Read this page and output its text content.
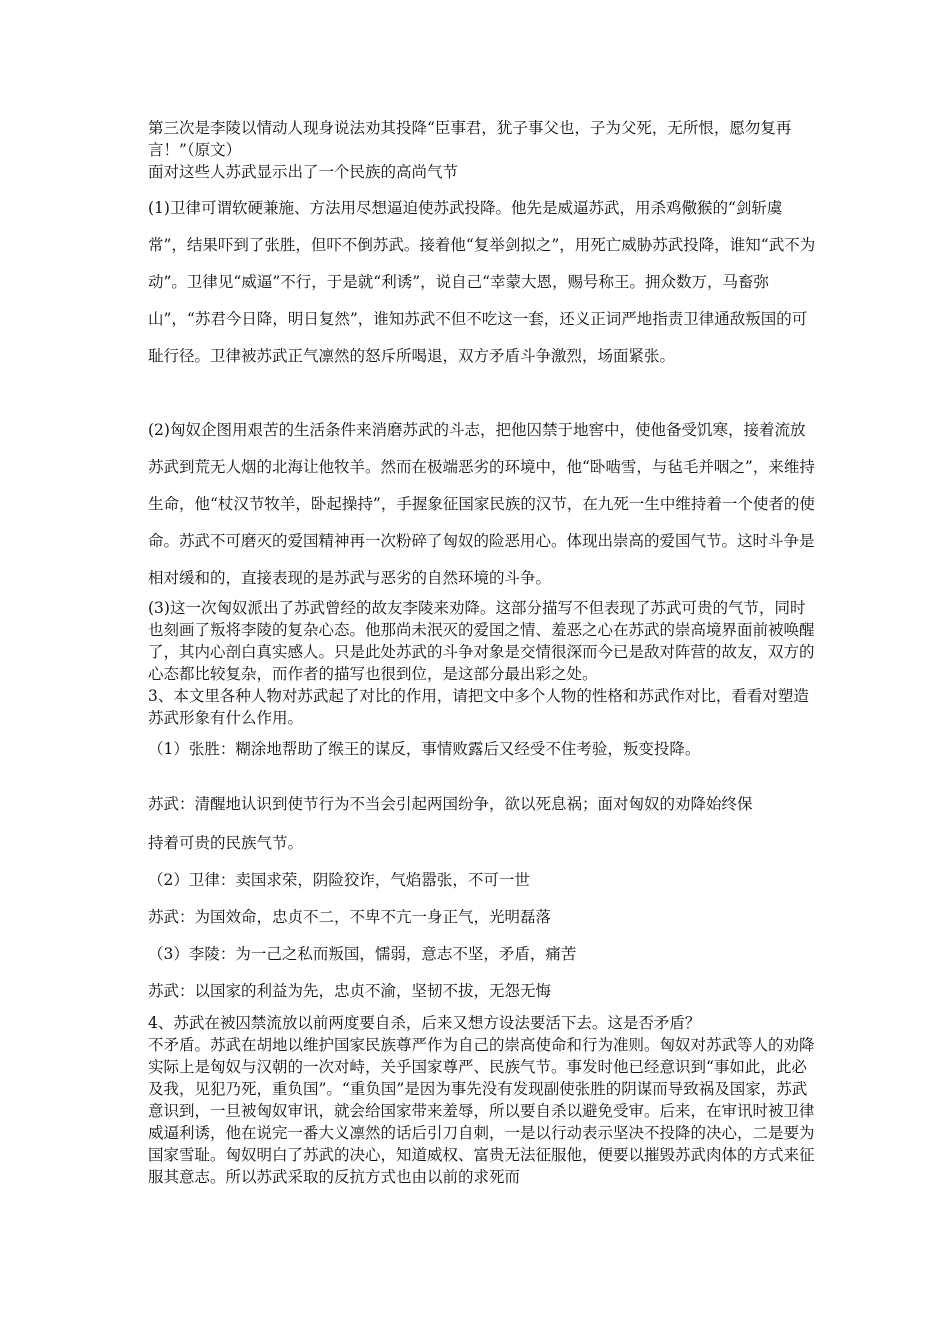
第三次是李陵以情动人现身说法劝其投降“臣事君，犹子事父也，子为父死，无所恨，愿勿复再言！”（原文）

面对这些人苏武显示出了一个民族的高尚气节

(1)卫律可谓软硬兼施、方法用尽想逼迫使苏武投降。他先是威逼苏武，用杀鸡儆猴的“剑斩虞常”，结果吓到了张胜，但吓不倒苏武。接着他“复举剑拟之”，用死亡威胁苏武投降，谁知“武不为动”。卫律见“威逼”不行，于是就“利诱”，说自己“幸蒙大恩，赐号称王。拥众数万，马畜弥山”，“苏君今日降，明日复然”，谁知苏武不但不吃这一套，还义正词严地指责卫律通敌叛国的可耻行径。卫律被苏武正气凛然的怒斥所喝退，双方矛盾斗争激烈，场面紧张。

(2)匈奴企图用艰苦的生活条件来消磨苏武的斗志，把他囚禁于地窖中，使他备受饥寒，接着流放苏武到荒无人烟的北海让他牧羊。然而在极端恶劣的环境中，他“卧啮雪，与毡毛并咽之”，来维持生命，他“杖汉节牧羊，卧起操持”，手握象征国家民族的汉节，在九死一生中维持着一个使者的使命。苏武不可磨灭的爱国精神再一次粉碎了匈奴的险恶用心。体现出崇高的爱国气节。这时斗争是相对缓和的，直接表现的是苏武与恶劣的自然环境的斗争。

(3)这一次匈奴派出了苏武曾经的故友李陵来劝降。这部分描写不但表现了苏武可贵的气节，同时也刻画了叛将李陵的复杂心态。他那尚未泯灭的爱国之情、羞恶之心在苏武的崇高境界面前被唤醒了，其内心剖白真实感人。只是此处苏武的斗争对象是交情很深而今已是敌对阵营的故友，双方的心态都比较复杂，而作者的描写也很到位，是这部分最出彩之处。

3、本文里各种人物对苏武起了对比的作用，请把文中多个人物的性格和苏武作对比，看看对塑造苏武形象有什么作用。

（1）张胜：糊涂地帮助了缑王的谋反，事情败露后又经受不住考验，叛变投降。

苏武：清醒地认识到使节行为不当会引起两国纷争，欲以死息祸；面对匈奴的劝降始终保

持着可贵的民族气节。

（2）卫律：卖国求荣，阴险狡诈，气焰嚣张，不可一世

苏武：为国效命，忠贞不二，不卑不亢一身正气，光明磊落

（3）李陵：为一己之私而叛国，懦弱，意志不坚，矛盾，痛苦

苏武：以国家的利益为先，忠贞不渝，坚韧不拔，无怨无悔

4、苏武在被囚禁流放以前两度要自杀，后来又想方设法要活下去。这是否矛盾？

不矛盾。苏武在胡地以维护国家民族尊严作为自己的崇高使命和行为准则。匈奴对苏武等人的劝降实际上是匈奴与汉朝的一次对峙，关乎国家尊严、民族气节。事发时他已经意识到“事如此，此必及我，见犯乃死，重负国”。“重负国”是因为事先没有发现副使张胜的阴谋而导致祸及国家，苏武意识到，一旦被匈奴审讯，就会给国家带来羞辱，所以要自杀以避免受审。后来，在审讯时被卫律威逼利诱，他在说完一番大义凛然的话后引刀自刺，一是以行动表示坚决不投降的决心，二是要为国家雪耻。匈奴明白了苏武的决心，知道威权、富贵无法征服他，便要以摧毁苏武肉体的方式来征服其意志。所以苏武采取的反抗方式也由以前的求死而
